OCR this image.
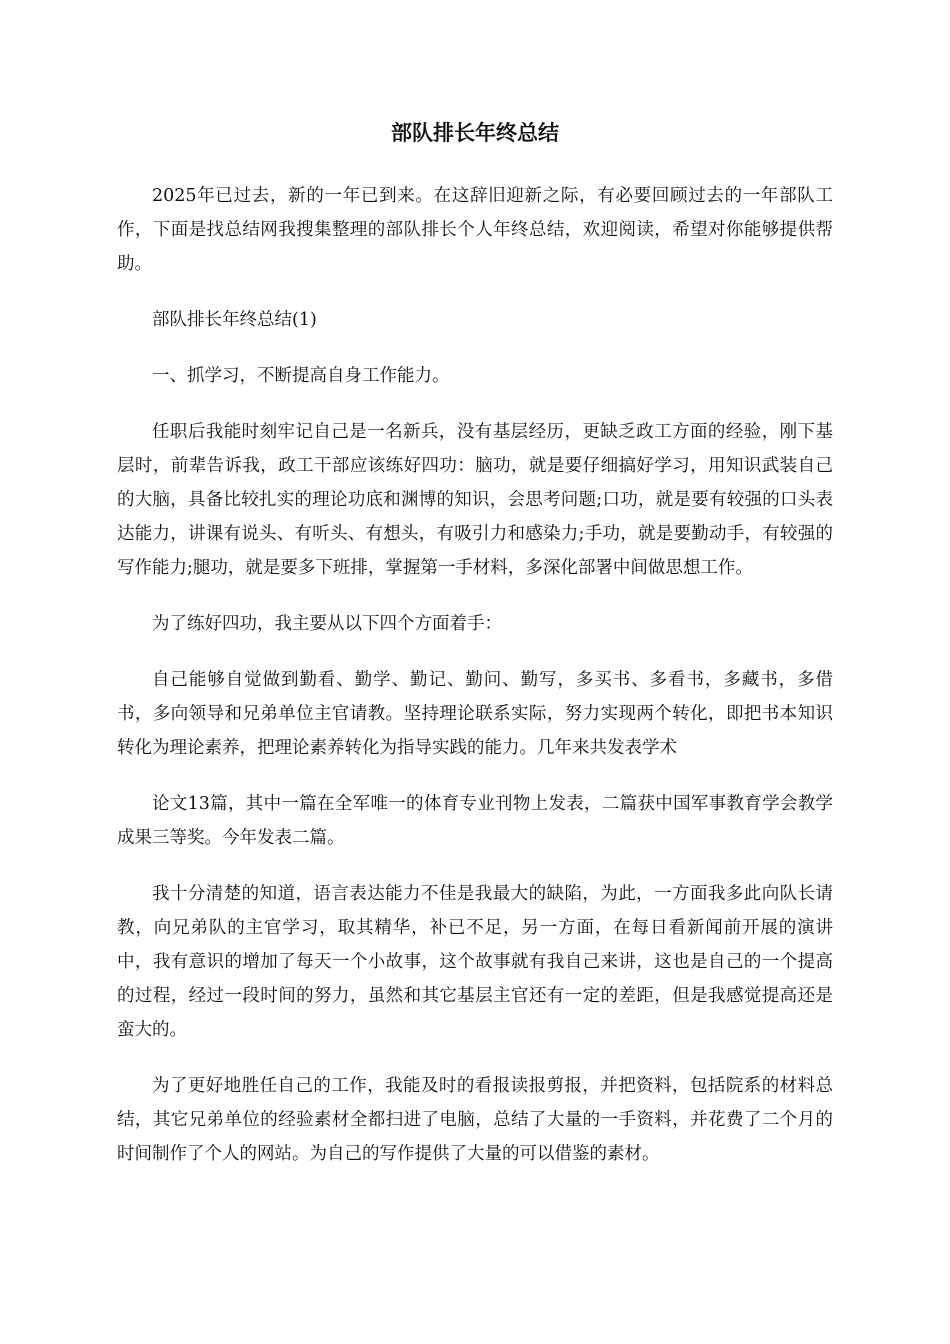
部队排长年终总结

2025年已过去，新的一年已到来。在这辞旧迎新之际，有必要回顾过去的一年部队工作，下面是找总结网我搜集整理的部队排长个人年终总结，欢迎阅读，希望对你能够提供帮助。

部队排长年终总结(1)

一、抓学习，不断提高自身工作能力。

任职后我能时刻牢记自己是一名新兵，没有基层经历，更缺乏政工方面的经验，刚下基层时，前辈告诉我，政工干部应该练好四功：脑功，就是要仔细搞好学习，用知识武装自己的大脑，具备比较扎实的理论功底和渊博的知识，会思考问题;口功，就是要有较强的口头表达能力，讲课有说头、有听头、有想头，有吸引力和感染力;手功，就是要勤动手，有较强的写作能力;腿功，就是要多下班排，掌握第一手材料，多深化部署中间做思想工作。

为了练好四功，我主要从以下四个方面着手：

自己能够自觉做到勤看、勤学、勤记、勤问、勤写，多买书、多看书，多藏书，多借书，多向领导和兄弟单位主官请教。坚持理论联系实际，努力实现两个转化，即把书本知识转化为理论素养，把理论素养转化为指导实践的能力。几年来共发表学术

论文13篇，其中一篇在全军唯一的体育专业刊物上发表，二篇获中国军事教育学会教学成果三等奖。今年发表二篇。

我十分清楚的知道，语言表达能力不佳是我最大的缺陷，为此，一方面我多此向队长请教，向兄弟队的主官学习，取其精华，补已不足，另一方面，在每日看新闻前开展的演讲中，我有意识的增加了每天一个小故事，这个故事就有我自己来讲，这也是自己的一个提高的过程，经过一段时间的努力，虽然和其它基层主官还有一定的差距，但是我感觉提高还是蛮大的。

为了更好地胜任自己的工作，我能及时的看报读报剪报，并把资料，包括院系的材料总结，其它兄弟单位的经验素材全都扫进了电脑，总结了大量的一手资料，并花费了二个月的时间制作了个人的网站。为自己的写作提供了大量的可以借鉴的素材。
